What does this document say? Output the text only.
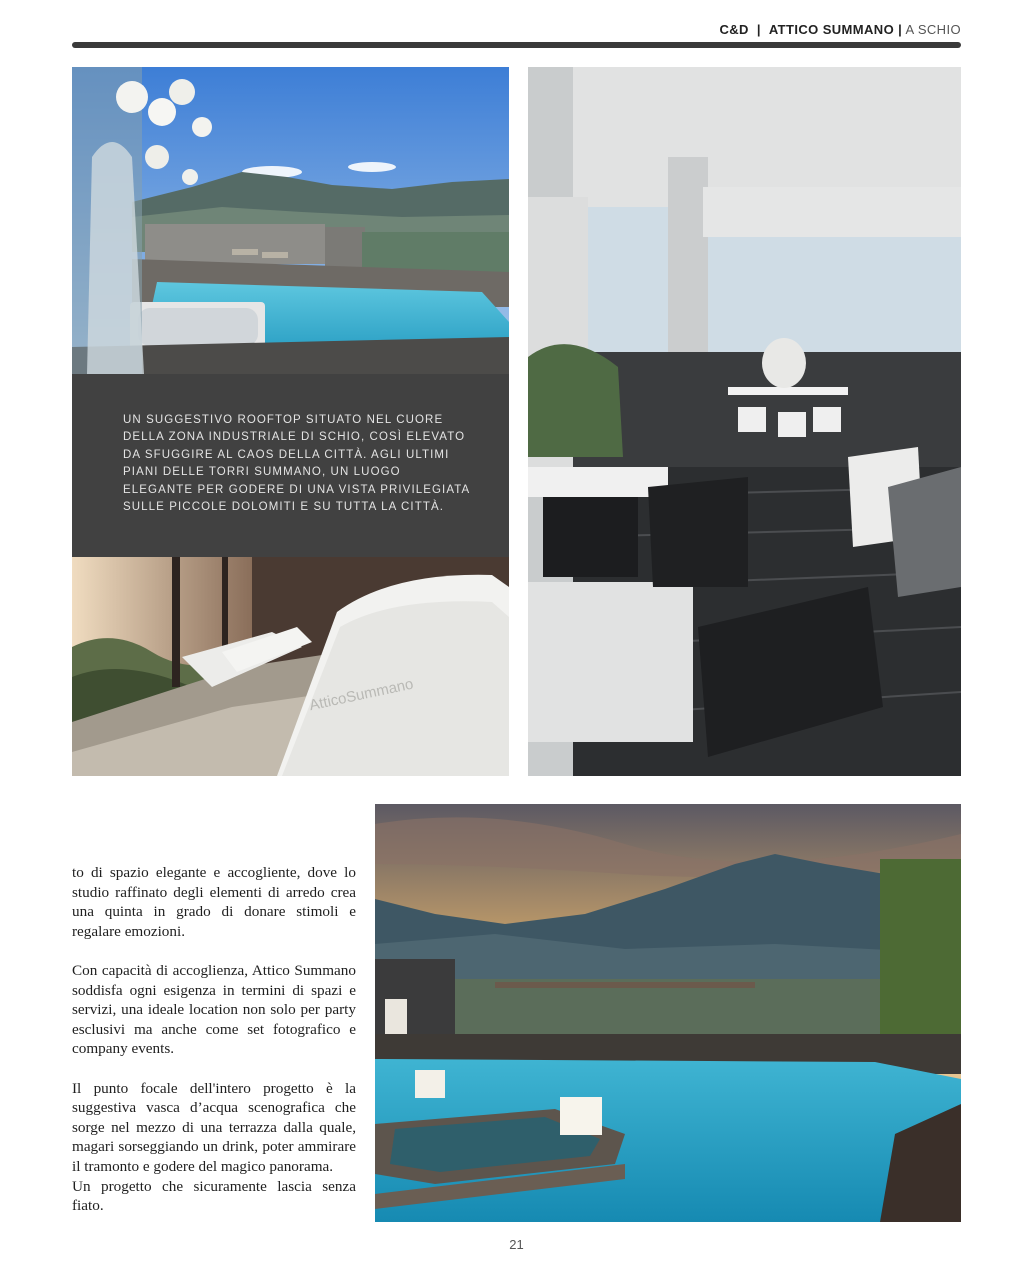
C&D | ATTICO SUMMANO | A SCHIO
UN SUGGESTIVO ROOFTOP SITUATO NEL CUORE DELLA ZONA INDUSTRIALE DI SCHIO, COSÌ ELEVATO DA SFUGGIRE AL CAOS DELLA CITTÀ. AGLI ULTIMI PIANI DELLE TORRI SUMMANO, UN LUOGO ELEGANTE PER GODERE DI UNA VISTA PRIVILEGIATA SULLE PICCOLE DOLOMITI E SU TUTTA LA CITTÀ.
AtticoSummano

to di spazio elegante e accogliente, dove lo studio raffinato degli elementi di arredo crea una quinta in grado di donare stimoli e regalare emozioni.

Con capacità di accoglienza, Attico Summano soddisfa ogni esigenza in termini di spazi e servizi, una ideale location non solo per party esclusivi ma anche come set fotografico e company events.

Il punto focale dell'intero progetto è la suggestiva vasca d’acqua scenografica che sorge nel mezzo di una terrazza dalla quale, magari sorseggiando un drink, poter ammirare il tramonto e godere del magico panorama.

Un progetto che sicuramente lascia senza fiato.

21
